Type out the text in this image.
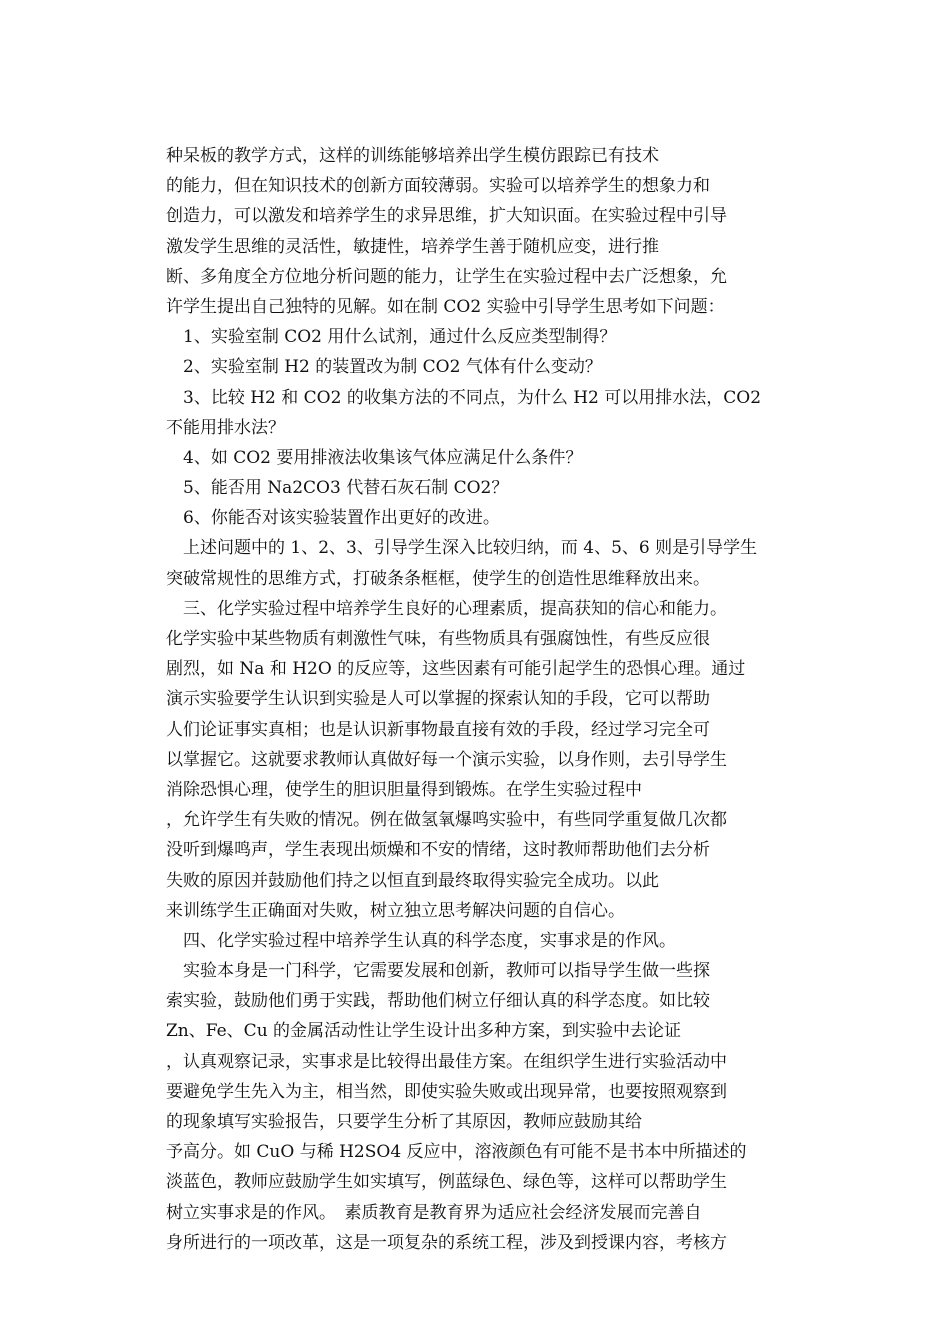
种呆板的教学方式，这样的训练能够培养出学生模仿跟踪已有技术
的能力，但在知识技术的创新方面较薄弱。实验可以培养学生的想象力和
创造力，可以激发和培养学生的求异思维，扩大知识面。在实验过程中引导
激发学生思维的灵活性，敏捷性，培养学生善于随机应变，进行推
断、多角度全方位地分析问题的能力，让学生在实验过程中去广泛想象，允
许学生提出自己独特的见解。如在制 CO2 实验中引导学生思考如下问题：
　1、实验室制 CO2 用什么试剂，通过什么反应类型制得？
　2、实验室制 H2 的装置改为制 CO2 气体有什么变动？
　3、比较 H2 和 CO2 的收集方法的不同点，为什么 H2 可以用排水法，CO2
不能用排水法？
　4、如 CO2 要用排液法收集该气体应满足什么条件？
　5、能否用 Na2CO3 代替石灰石制 CO2？
　6、你能否对该实验装置作出更好的改进。
　上述问题中的 1、2、3、引导学生深入比较归纳，而 4、5、6 则是引导学生
突破常规性的思维方式，打破条条框框，使学生的创造性思维释放出来。
　三、化学实验过程中培养学生良好的心理素质，提高获知的信心和能力。
化学实验中某些物质有刺激性气味，有些物质具有强腐蚀性，有些反应很
剧烈，如 Na 和 H2O 的反应等，这些因素有可能引起学生的恐惧心理。通过
演示实验要学生认识到实验是人可以掌握的探索认知的手段，它可以帮助
人们论证事实真相；也是认识新事物最直接有效的手段，经过学习完全可
以掌握它。这就要求教师认真做好每一个演示实验，以身作则，去引导学生
消除恐惧心理，使学生的胆识胆量得到锻炼。在学生实验过程中
，允许学生有失败的情况。例在做氢氧爆鸣实验中，有些同学重复做几次都
没听到爆鸣声，学生表现出烦燥和不安的情绪，这时教师帮助他们去分析
失败的原因并鼓励他们持之以恒直到最终取得实验完全成功。以此
来训练学生正确面对失败，树立独立思考解决问题的自信心。
　四、化学实验过程中培养学生认真的科学态度，实事求是的作风。
　实验本身是一门科学，它需要发展和创新，教师可以指导学生做一些探
索实验，鼓励他们勇于实践，帮助他们树立仔细认真的科学态度。如比较
Zn、Fe、Cu 的金属活动性让学生设计出多种方案，到实验中去论证
，认真观察记录，实事求是比较得出最佳方案。在组织学生进行实验活动中
要避免学生先入为主，相当然，即使实验失败或出现异常，也要按照观察到
的现象填写实验报告，只要学生分析了其原因，教师应鼓励其给
予高分。如 CuO 与稀 H2SO4 反应中，溶液颜色有可能不是书本中所描述的
淡蓝色，教师应鼓励学生如实填写，例蓝绿色、绿色等，这样可以帮助学生
树立实事求是的作风。　素质教育是教育界为适应社会经济发展而完善自
身所进行的一项改革，这是一项复杂的系统工程，涉及到授课内容，考核方
